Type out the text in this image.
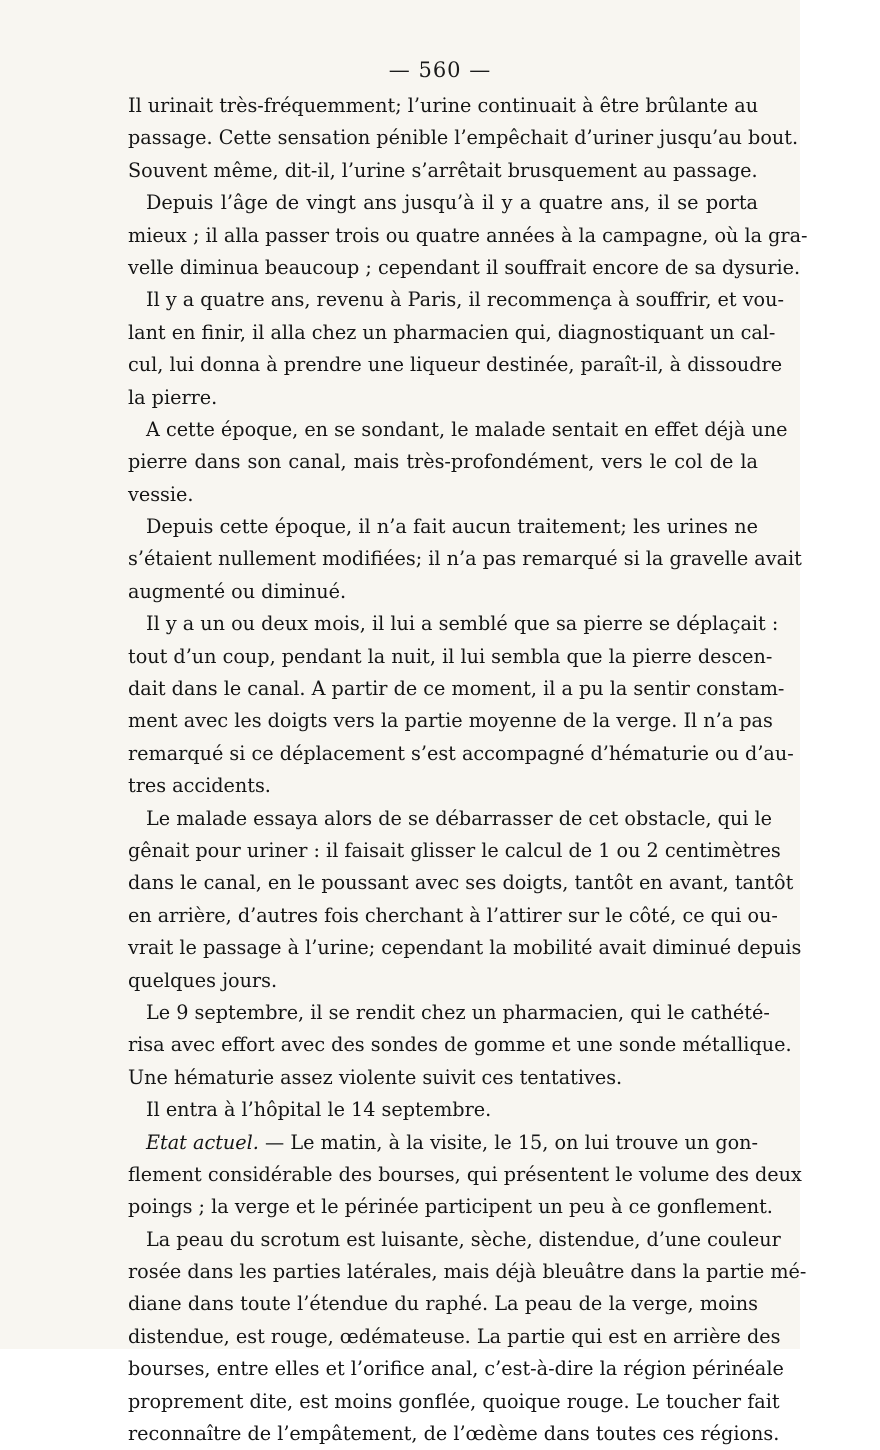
— 560 —
Il urinait très-fréquemment; l’urine continuait à être brûlante au
passage. Cette sensation pénible l’empêchait d’uriner jusqu’au bout.
Souvent même, dit-il, l’urine s’arrêtait brusquement au passage.
Depuis l’âge de vingt ans jusqu’à il y a quatre ans, il se porta
mieux ; il alla passer trois ou quatre années à la campagne, où la gra-
velle diminua beaucoup ; cependant il souffrait encore de sa dysurie.
Il y a quatre ans, revenu à Paris, il recommença à souffrir, et vou-
lant en finir, il alla chez un pharmacien qui, diagnostiquant un cal-
cul, lui donna à prendre une liqueur destinée, paraît-il, à dissoudre
la pierre.
A cette époque, en se sondant, le malade sentait en effet déjà une
pierre dans son canal, mais très-profondément, vers le col de la
vessie.
Depuis cette époque, il n’a fait aucun traitement; les urines ne
s’étaient nullement modifiées; il n’a pas remarqué si la gravelle avait
augmenté ou diminué.
Il y a un ou deux mois, il lui a semblé que sa pierre se déplaçait :
tout d’un coup, pendant la nuit, il lui sembla que la pierre descen-
dait dans le canal. A partir de ce moment, il a pu la sentir constam-
ment avec les doigts vers la partie moyenne de la verge. Il n’a pas
remarqué si ce déplacement s’est accompagné d’hématurie ou d’au-
tres accidents.
Le malade essaya alors de se débarrasser de cet obstacle, qui le
gênait pour uriner : il faisait glisser le calcul de 1 ou 2 centimètres
dans le canal, en le poussant avec ses doigts, tantôt en avant, tantôt
en arrière, d’autres fois cherchant à l’attirer sur le côté, ce qui ou-
vrait le passage à l’urine; cependant la mobilité avait diminué depuis
quelques jours.
Le 9 septembre, il se rendit chez un pharmacien, qui le cathété-
risa avec effort avec des sondes de gomme et une sonde métallique.
Une hématurie assez violente suivit ces tentatives.
Il entra à l’hôpital le 14 septembre.
Etat actuel. — Le matin, à la visite, le 15, on lui trouve un gon-
flement considérable des bourses, qui présentent le volume des deux
poings ; la verge et le périnée participent un peu à ce gonflement.
La peau du scrotum est luisante, sèche, distendue, d’une couleur
rosée dans les parties latérales, mais déjà bleuâtre dans la partie mé-
diane dans toute l’étendue du raphé. La peau de la verge, moins
distendue, est rouge, œdémateuse. La partie qui est en arrière des
bourses, entre elles et l’orifice anal, c’est-à-dire la région périnéale
proprement dite, est moins gonflée, quoique rouge. Le toucher fait
reconnaître de l’empâtement, de l’œdème dans toutes ces régions.
